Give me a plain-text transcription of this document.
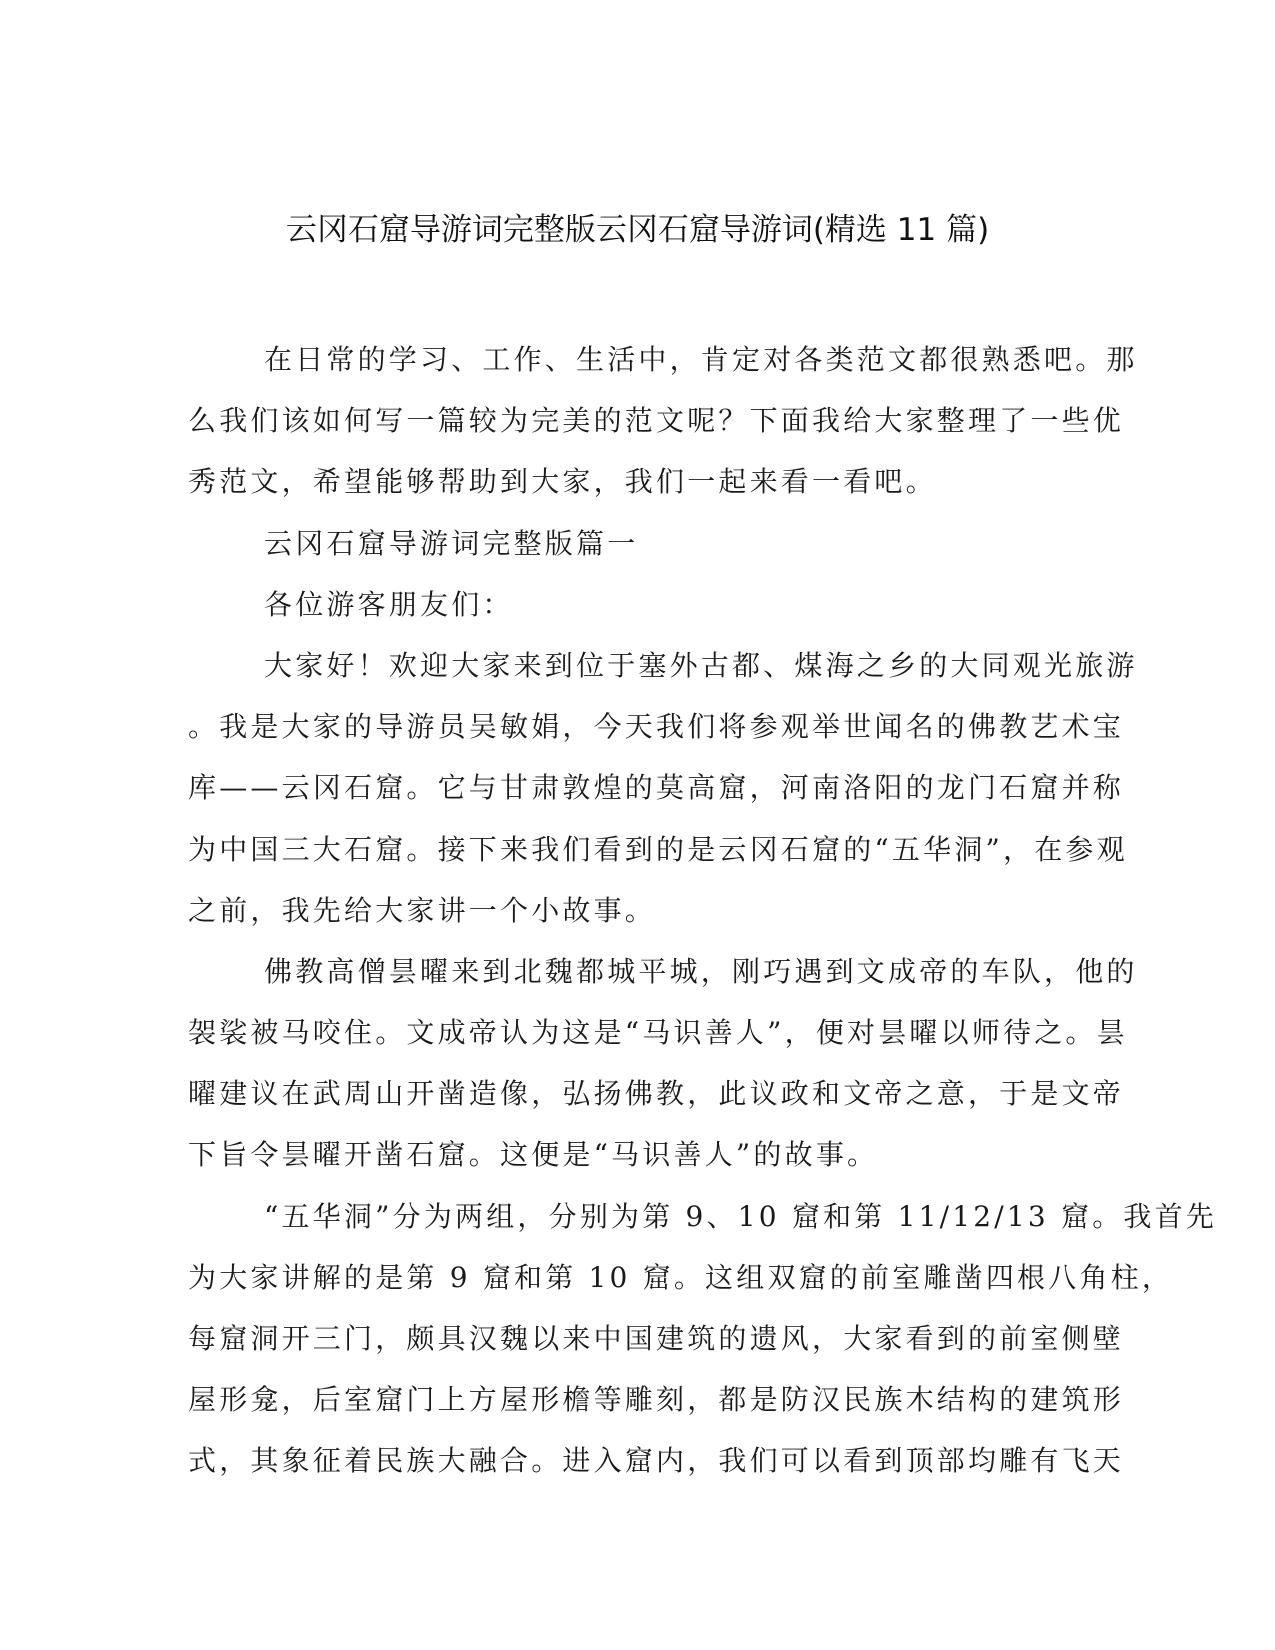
云冈石窟导游词完整版云冈石窟导游词(精选 11 篇)
在日常的学习、工作、生活中，肯定对各类范文都很熟悉吧。那
么我们该如何写一篇较为完美的范文呢？下面我给大家整理了一些优
秀范文，希望能够帮助到大家，我们一起来看一看吧。
云冈石窟导游词完整版篇一
各位游客朋友们：
大家好！欢迎大家来到位于塞外古都、煤海之乡的大同观光旅游
。我是大家的导游员吴敏娟，今天我们将参观举世闻名的佛教艺术宝
库——云冈石窟。它与甘肃敦煌的莫高窟，河南洛阳的龙门石窟并称
为中国三大石窟。接下来我们看到的是云冈石窟的“五华洞”，在参观
之前，我先给大家讲一个小故事。
佛教高僧昙曜来到北魏都城平城，刚巧遇到文成帝的车队，他的
袈裟被马咬住。文成帝认为这是“马识善人”，便对昙曜以师待之。昙
曜建议在武周山开凿造像，弘扬佛教，此议政和文帝之意，于是文帝
下旨令昙曜开凿石窟。这便是“马识善人”的故事。
“五华洞”分为两组，分别为第 9、10 窟和第 11/12/13 窟。我首先
为大家讲解的是第 9 窟和第 10 窟。这组双窟的前室雕凿四根八角柱，
每窟洞开三门，颇具汉魏以来中国建筑的遗风，大家看到的前室侧壁
屋形龛，后室窟门上方屋形檐等雕刻，都是防汉民族木结构的建筑形
式，其象征着民族大融合。进入窟内，我们可以看到顶部均雕有飞天
